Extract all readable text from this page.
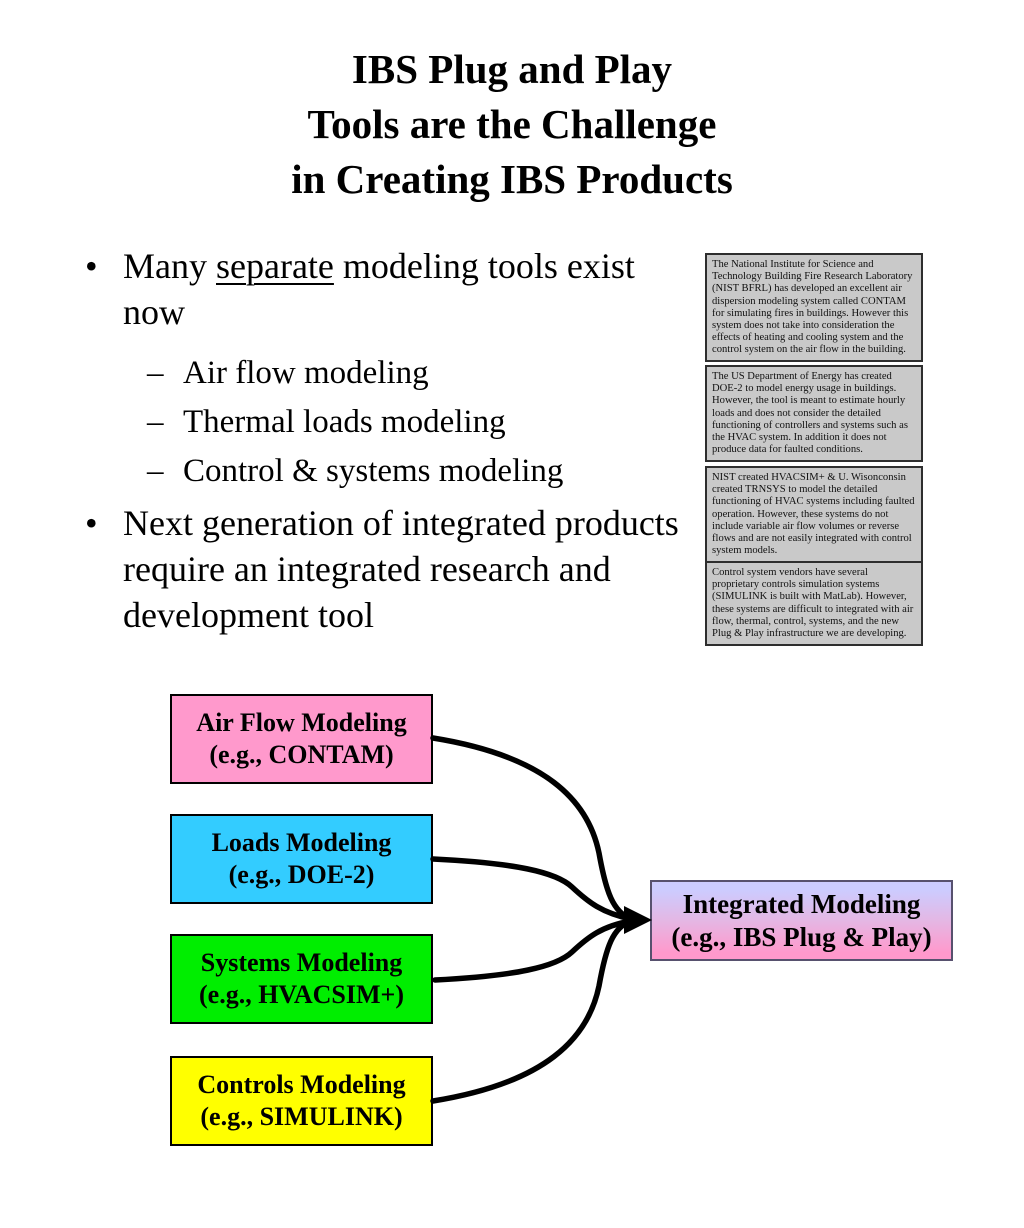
IBS Plug and Play
Tools are the Challenge
in Creating IBS Products
• Many separate modeling tools exist now
– Air flow modeling
– Thermal loads modeling
– Control & systems modeling
• Next generation of integrated products require an integrated research and development tool
The National Institute for Science and Technology Building Fire Research Laboratory (NIST BFRL) has developed an excellent air dispersion modeling system called CONTAM for simulating fires in buildings. However this system does not take into consideration the effects of heating and cooling system and the control system on the air flow in the building.
The US Department of Energy has created DOE-2 to model energy usage in buildings. However, the tool is meant to estimate hourly loads and does not consider the detailed functioning of controllers and systems such as the HVAC system. In addition it does not produce data for faulted conditions.
NIST created HVACSIM+ & U. Wisonconsin created TRNSYS to model the detailed functioning of HVAC systems including faulted operation. However, these systems do not include variable air flow volumes or reverse flows and are not easily integrated with control system models.
Control system vendors have several proprietary controls simulation systems (SIMULINK is built with MatLab). However, these systems are difficult to integrated with air flow, thermal, control, systems, and the new Plug & Play infrastructure we are developing.
Air Flow Modeling
(e.g., CONTAM)
Loads Modeling
(e.g., DOE-2)
Systems Modeling
(e.g., HVACSIM+)
Controls Modeling
(e.g., SIMULINK)
Integrated Modeling
(e.g., IBS Plug & Play)
